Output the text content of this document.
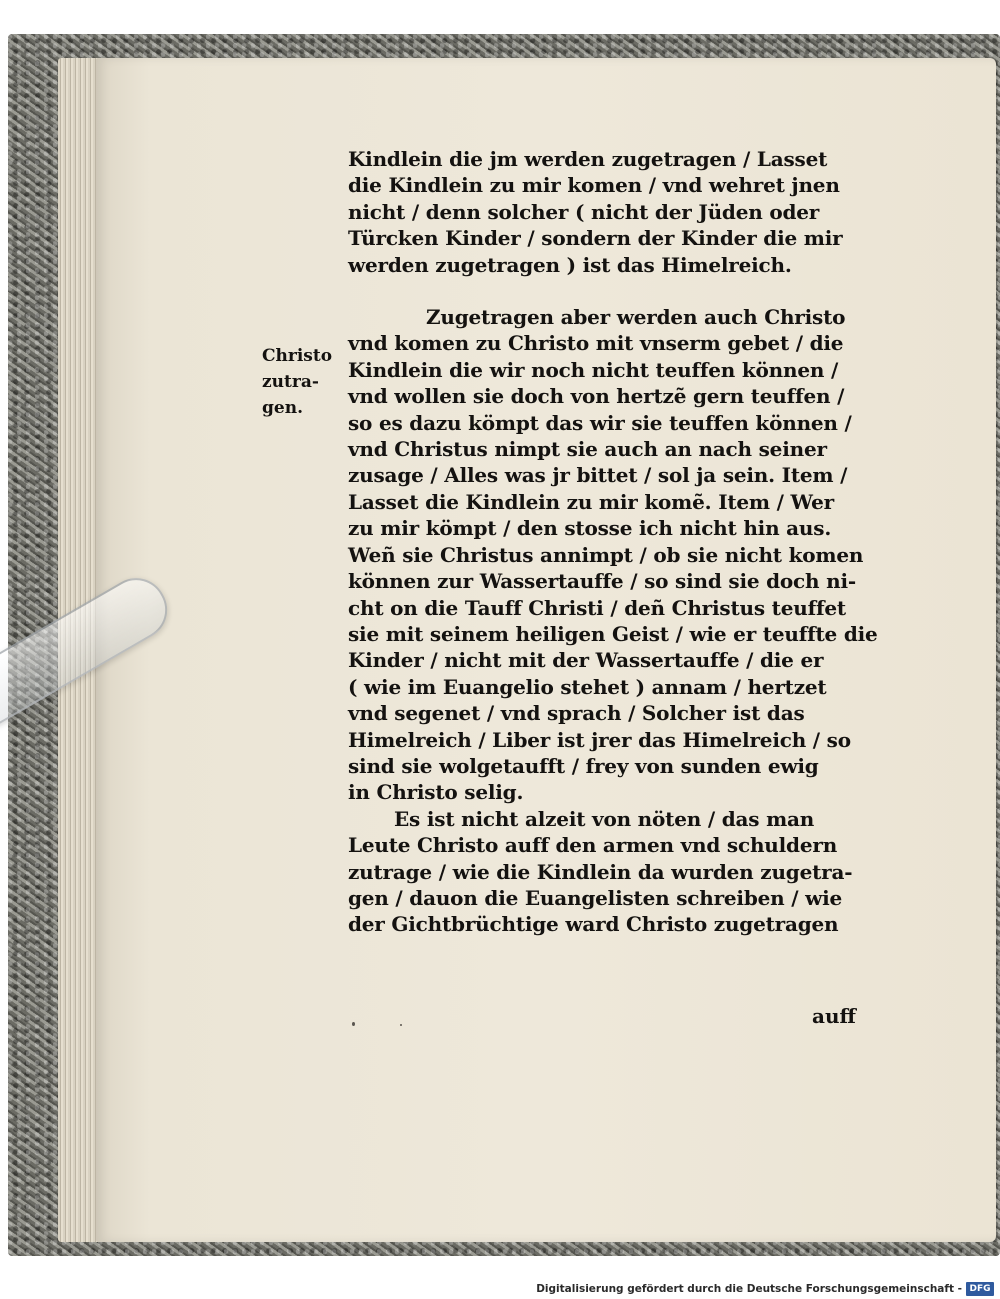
Kindlein die jm werden zugetragen / Lasset
die Kindlein zu mir komen / vnd wehret jnen
nicht / denn solcher ( nicht der Jüden oder
Türcken Kinder / sondern der Kinder die mir
werden zugetragen ) ist das Himelreich.
Zugetragen aber werden auch Christo
vnd komen zu Christo mit vnserm gebet / die
Kindlein die wir noch nicht teuffen können /
vnd wollen sie doch von hertzẽ gern teuffen /
so es dazu kömpt das wir sie teuffen können /
vnd Christus nimpt sie auch an nach seiner
zusage / Alles was jr bittet / sol ja sein. Item /
Lasset die Kindlein zu mir komẽ. Item / Wer
zu mir kömpt / den stosse ich nicht hin aus.
Weñ sie Christus annimpt / ob sie nicht komen
können zur Wassertauffe / so sind sie doch ni-
cht on die Tauff Christi / deñ Christus teuffet
sie mit seinem heiligen Geist / wie er teuffte die
Kinder / nicht mit der Wassertauffe / die er
( wie im Euangelio stehet ) annam / hertzet
vnd segenet / vnd sprach / Solcher ist das
Himelreich / Liber ist jrer das Himelreich / so
sind sie wolgetaufft / frey von sunden ewig
in Christo selig.
Es ist nicht alzeit von nöten / das man
Leute Christo auff den armen vnd schuldern
zutrage / wie die Kindlein da wurden zugetra-
gen / dauon die Euangelisten schreiben / wie
der Gichtbrüchtige ward Christo zugetragen
Christo
zutra-
gen.
auff
Digitalisierung gefördert durch die Deutsche Forschungsgemeinschaft - DFG
